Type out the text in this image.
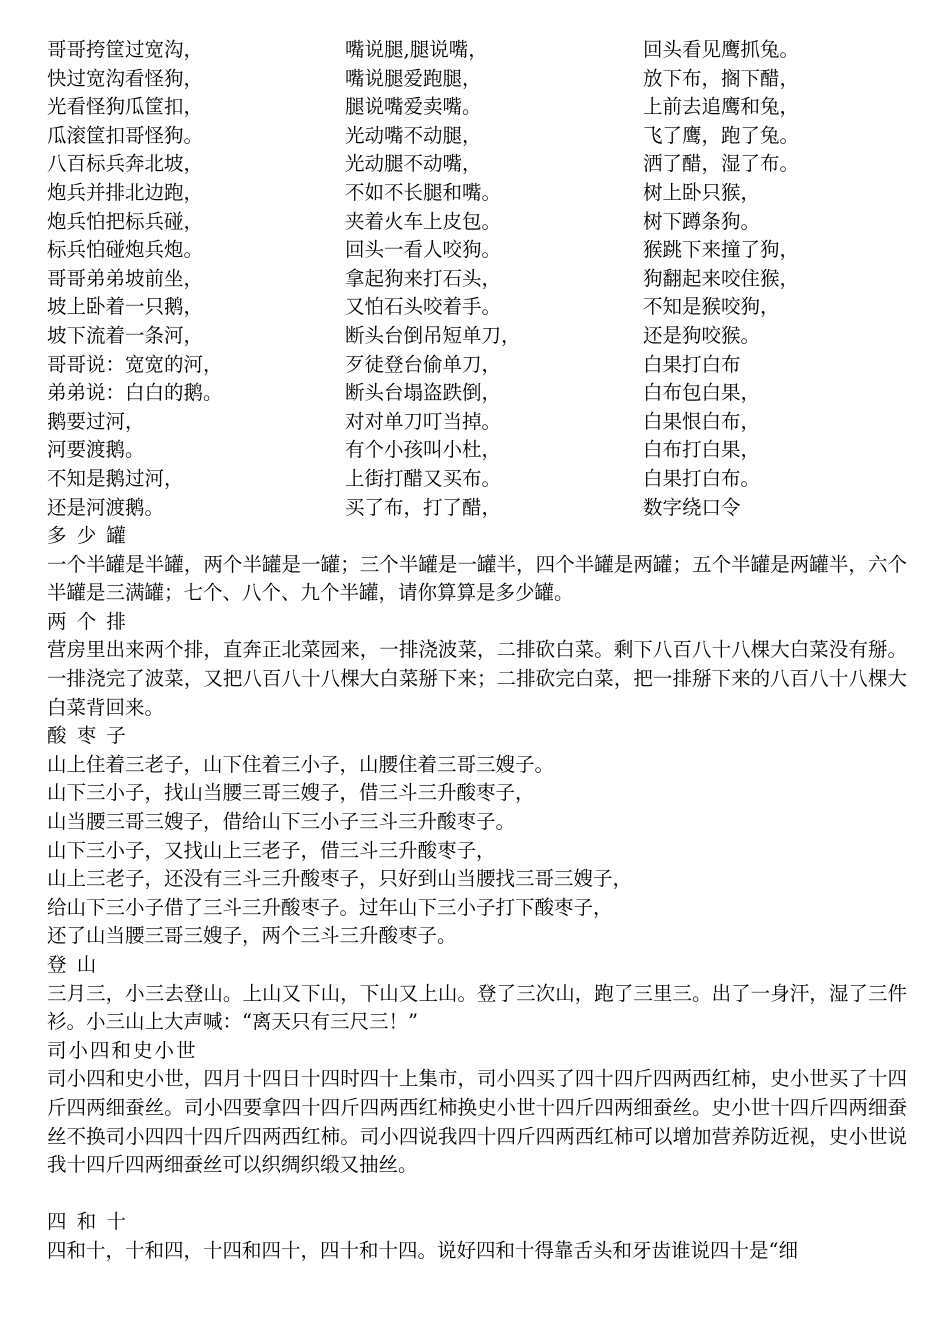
哥哥挎筐过宽沟，
快过宽沟看怪狗，
光看怪狗瓜筐扣，
瓜滚筐扣哥怪狗。
八百标兵奔北坡，
炮兵并排北边跑，
炮兵怕把标兵碰，
标兵怕碰炮兵炮。
哥哥弟弟坡前坐，
坡上卧着一只鹅，
坡下流着一条河，
哥哥说：宽宽的河，
弟弟说：白白的鹅。
鹅要过河，
河要渡鹅。
不知是鹅过河，
还是河渡鹅。
嘴说腿,腿说嘴，
嘴说腿爱跑腿，
腿说嘴爱卖嘴。
光动嘴不动腿，
光动腿不动嘴，
不如不长腿和嘴。
夹着火车上皮包。
回头一看人咬狗。
拿起狗来打石头，
又怕石头咬着手。
断头台倒吊短单刀，
歹徒登台偷单刀，
断头台塌盗跌倒，
对对单刀叮当掉。
有个小孩叫小杜，
上街打醋又买布。
买了布，打了醋，
回头看见鹰抓兔。
放下布，搁下醋，
上前去追鹰和兔，
飞了鹰，跑了兔。
洒了醋，湿了布。
树上卧只猴，
树下蹲条狗。
猴跳下来撞了狗，
狗翻起来咬住猴，
不知是猴咬狗，
还是狗咬猴。
白果打白布
白布包白果，
白果恨白布，
白布打白果，
白果打白布。
数字绕口令
多 少 罐
一个半罐是半罐，两个半罐是一罐；三个半罐是一罐半，四个半罐是两罐；五个半罐是两罐半，六个半罐是三满罐；七个、八个、九个半罐，请你算算是多少罐。
两 个 排
营房里出来两个排，直奔正北菜园来，一排浇波菜，二排砍白菜。剩下八百八十八棵大白菜没有掰。一排浇完了波菜，又把八百八十八棵大白菜掰下来；二排砍完白菜，把一排掰下来的八百八十八棵大白菜背回来。
酸 枣 子
山上住着三老子，山下住着三小子，山腰住着三哥三嫂子。
山下三小子，找山当腰三哥三嫂子，借三斗三升酸枣子，
山当腰三哥三嫂子，借给山下三小子三斗三升酸枣子。
山下三小子，又找山上三老子，借三斗三升酸枣子，
山上三老子，还没有三斗三升酸枣子，只好到山当腰找三哥三嫂子，
给山下三小子借了三斗三升酸枣子。过年山下三小子打下酸枣子，
还了山当腰三哥三嫂子，两个三斗三升酸枣子。
登 山
三月三，小三去登山。上山又下山，下山又上山。登了三次山，跑了三里三。出了一身汗，湿了三件衫。小三山上大声喊：“离天只有三尺三！”
司小四和史小世
司小四和史小世，四月十四日十四时四十上集市，司小四买了四十四斤四两西红柿，史小世买了十四斤四两细蚕丝。司小四要拿四十四斤四两西红柿换史小世十四斤四两细蚕丝。史小世十四斤四两细蚕丝不换司小四四十四斤四两西红柿。司小四说我四十四斤四两西红柿可以增加营养防近视，史小世说我十四斤四两细蚕丝可以织绸织缎又抽丝。
四 和 十
四和十，十和四，十四和四十，四十和十四。说好四和十得靠舌头和牙齿谁说四十是“细
